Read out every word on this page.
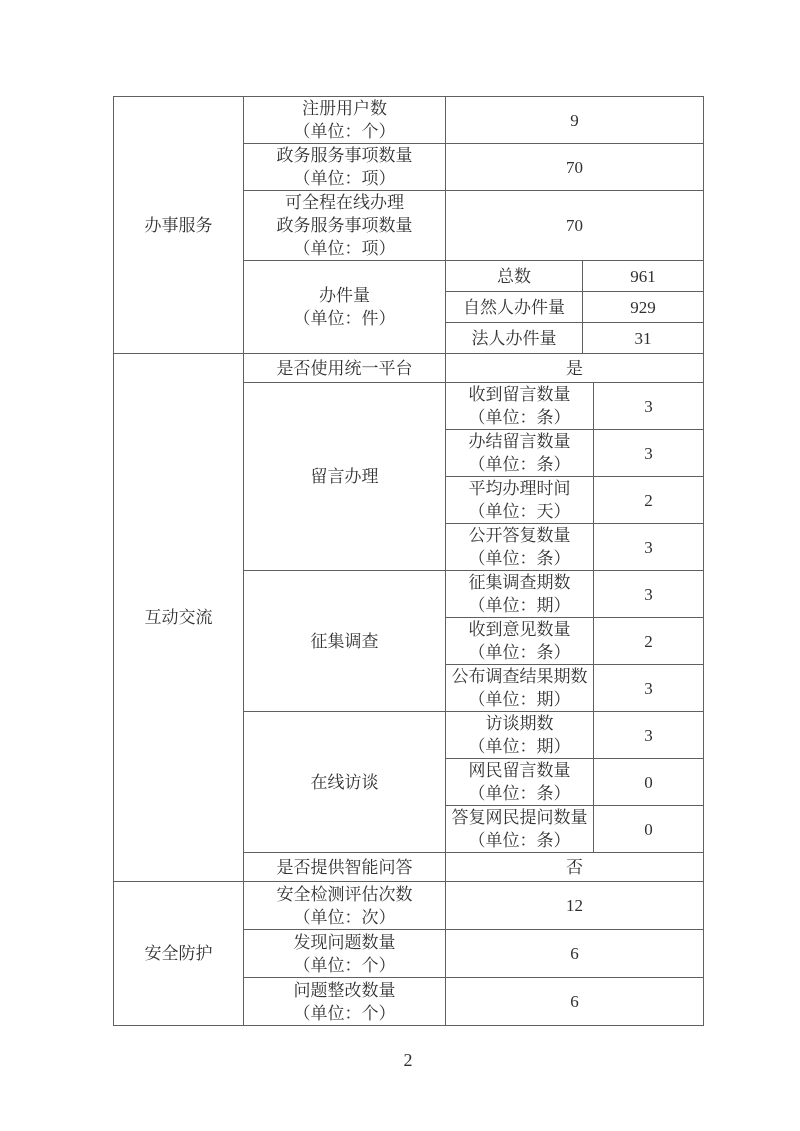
办事服务	注册用户数
（单位：个）	9		

	政务服务事项数量
（单位：项）	70		

	可全程在线办理
政务服务事项数量
（单位：项）	70		

	办件量
（单位：件）	总数	961	

		自然人办件量	929	

		法人办件量	31	

互动交流	是否使用统一平台	是		

	留言办理	收到留言数量
（单位：条）		3

		办结留言数量
（单位：条）		3

		平均办理时间
（单位：天）		2

		公开答复数量
（单位：条）		3

	征集调查	征集调查期数
（单位：期）		3

		收到意见数量
（单位：条）		2

		公布调查结果期数
（单位：期）		3

	在线访谈	访谈期数
（单位：期）		3

		网民留言数量
（单位：条）		0

		答复网民提问数量
（单位：条）		0

	是否提供智能问答	否		

安全防护	安全检测评估次数
（单位：次）	12		

	发现问题数量
（单位：个）	6		

	问题整改数量
（单位：个）	6		
2
